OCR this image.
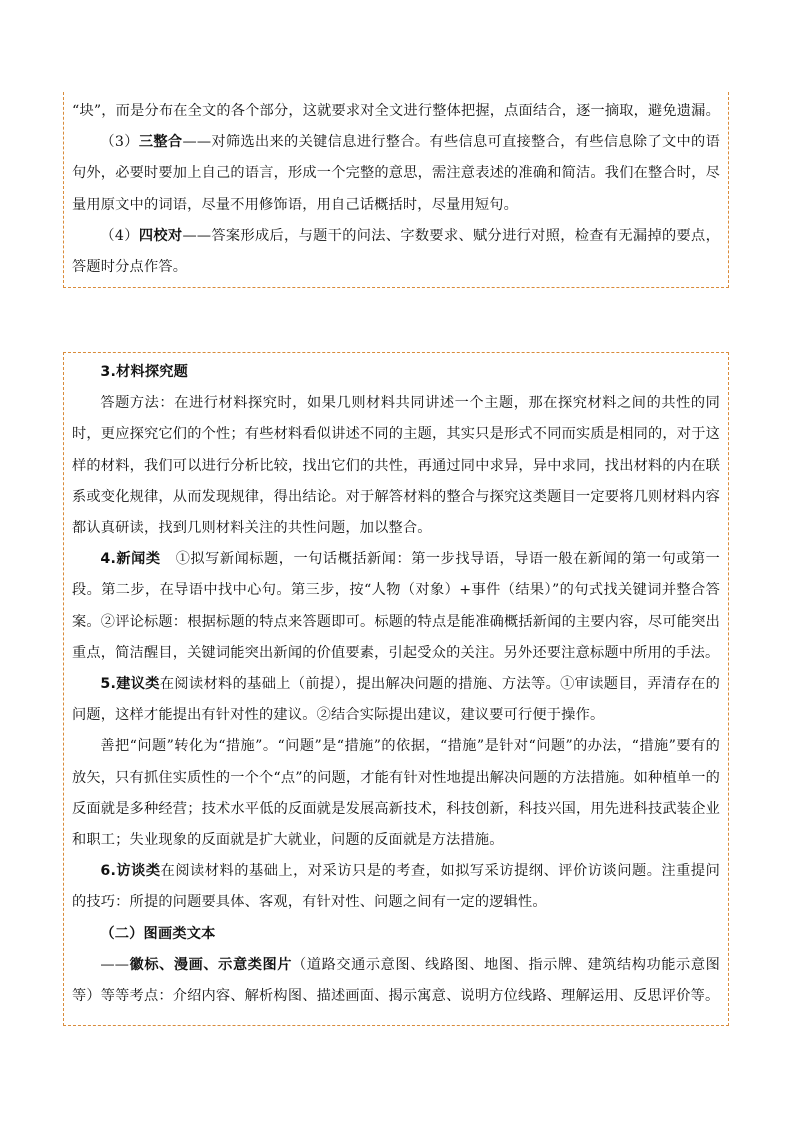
“块”，而是分布在全文的各个部分，这就要求对全文进行整体把握，点面结合，逐一摘取，避免遗漏。

（3）三整合——对筛选出来的关键信息进行整合。有些信息可直接整合，有些信息除了文中的语句外，必要时要加上自己的语言，形成一个完整的意思，需注意表述的准确和简洁。我们在整合时，尽量用原文中的词语，尽量不用修饰语，用自己话概括时，尽量用短句。

（4）四校对——答案形成后，与题干的问法、字数要求、赋分进行对照，检查有无漏掉的要点，答题时分点作答。

3.材料探究题

答题方法：在进行材料探究时，如果几则材料共同讲述一个主题，那在探究材料之间的共性的同时，更应探究它们的个性；有些材料看似讲述不同的主题，其实只是形式不同而实质是相同的，对于这样的材料，我们可以进行分析比较，找出它们的共性，再通过同中求异，异中求同，找出材料的内在联系或变化规律，从而发现规律，得出结论。对于解答材料的整合与探究这类题目一定要将几则材料内容都认真研读，找到几则材料关注的共性问题，加以整合。

4.新闻类 ①拟写新闻标题，一句话概括新闻：第一步找导语，导语一般在新闻的第一句或第一段。第二步，在导语中找中心句。第三步，按“人物（对象）+事件（结果）”的句式找关键词并整合答案。②评论标题：根据标题的特点来答题即可。标题的特点是能准确概括新闻的主要内容，尽可能突出重点，简洁醒目，关键词能突出新闻的价值要素，引起受众的关注。另外还要注意标题中所用的手法。

5.建议类在阅读材料的基础上（前提），提出解决问题的措施、方法等。①审读题目，弄清存在的问题，这样才能提出有针对性的建议。②结合实际提出建议，建议要可行便于操作。

善把“问题”转化为“措施”。“问题”是“措施”的依据，“措施”是针对“问题”的办法，“措施”要有的放矢，只有抓住实质性的一个个“点”的问题，才能有针对性地提出解决问题的方法措施。如种植单一的反面就是多种经营；技术水平低的反面就是发展高新技术，科技创新，科技兴国，用先进科技武装企业和职工；失业现象的反面就是扩大就业，问题的反面就是方法措施。

6.访谈类在阅读材料的基础上，对采访只是的考查，如拟写采访提纲、评价访谈问题。注重提问的技巧：所提的问题要具体、客观，有针对性、问题之间有一定的逻辑性。

（二）图画类文本

——徽标、漫画、示意类图片（道路交通示意图、线路图、地图、指示牌、建筑结构功能示意图等）等等考点：介绍内容、解析构图、描述画面、揭示寓意、说明方位线路、理解运用、反思评价等。
